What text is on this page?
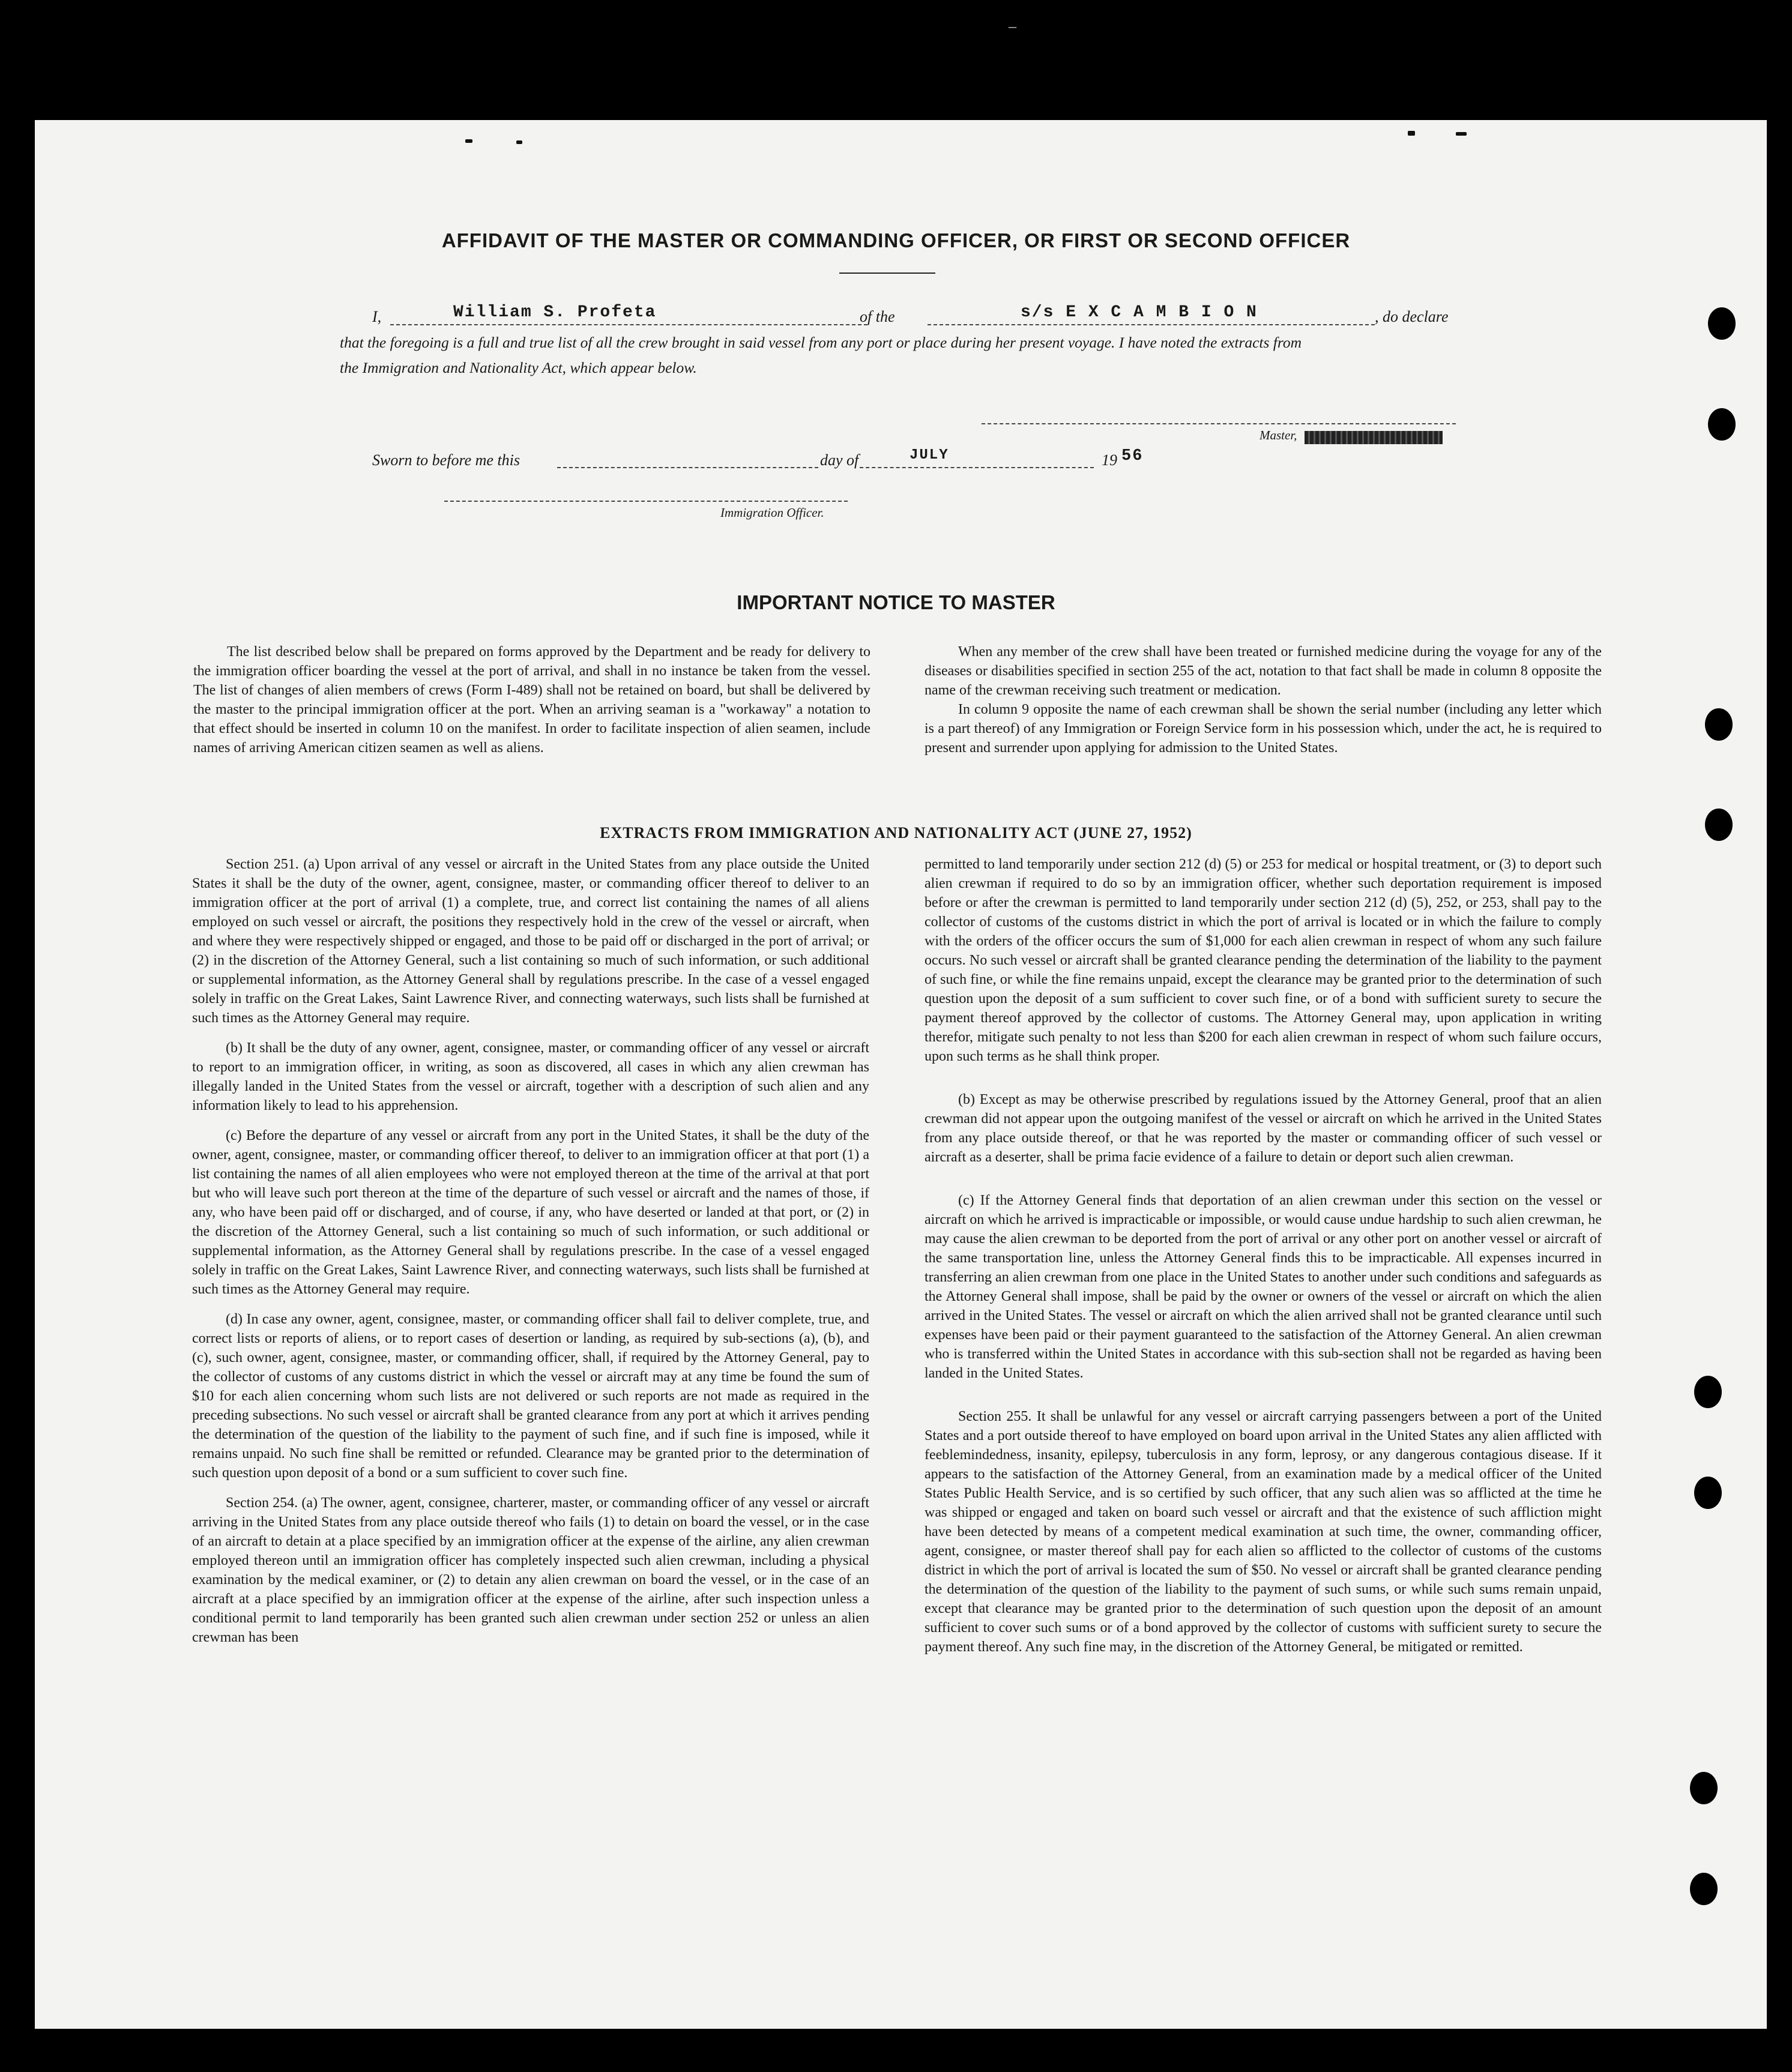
_
AFFIDAVIT OF THE MASTER OR COMMANDING OFFICER, OR FIRST OR SECOND OFFICER
I,	William S. Profeta	of the	s/s E X C A M B I O N	, do declare
that the foregoing is a full and true list of all the crew brought in said vessel from any port or place during her present voyage. I have noted the extracts from
the Immigration and Nationality Act, which appear below.
Master,
Sworn to before me this	day of	JULY	19 56
Immigration Officer.
IMPORTANT NOTICE TO MASTER

The list described below shall be prepared on forms approved by the Department and be ready for delivery to the immigration officer boarding the vessel at the port of arrival, and shall in no instance be taken from the vessel. The list of changes of alien members of crews (Form I-489) shall not be retained on board, but shall be delivered by the master to the principal immigration officer at the port. When an arriving seaman is a "workaway" a notation to that effect should be inserted in column 10 on the manifest. In order to facilitate inspection of alien seamen, include names of arriving American citizen seamen as well as aliens.

When any member of the crew shall have been treated or furnished medicine during the voyage for any of the diseases or disabilities specified in section 255 of the act, notation to that fact shall be made in column 8 opposite the name of the crewman receiving such treatment or medication.

In column 9 opposite the name of each crewman shall be shown the serial number (including any letter which is a part thereof) of any Immigration or Foreign Service form in his possession which, under the act, he is required to present and surrender upon applying for admission to the United States.

EXTRACTS FROM IMMIGRATION AND NATIONALITY ACT (JUNE 27, 1952)

Section 251. (a) Upon arrival of any vessel or aircraft in the United States from any place outside the United States it shall be the duty of the owner, agent, consignee, master, or commanding officer thereof to deliver to an immigration officer at the port of arrival (1) a complete, true, and correct list containing the names of all aliens employed on such vessel or aircraft, the positions they respectively hold in the crew of the vessel or aircraft, when and where they were respectively shipped or engaged, and those to be paid off or discharged in the port of arrival; or (2) in the discretion of the Attorney General, such a list containing so much of such information, or such additional or supplemental information, as the Attorney General shall by regulations prescribe. In the case of a vessel engaged solely in traffic on the Great Lakes, Saint Lawrence River, and connecting waterways, such lists shall be furnished at such times as the Attorney General may require.

(b) It shall be the duty of any owner, agent, consignee, master, or commanding officer of any vessel or aircraft to report to an immigration officer, in writing, as soon as discovered, all cases in which any alien crewman has illegally landed in the United States from the vessel or aircraft, together with a description of such alien and any information likely to lead to his apprehension.

(c) Before the departure of any vessel or aircraft from any port in the United States, it shall be the duty of the owner, agent, consignee, master, or commanding officer thereof, to deliver to an immigration officer at that port (1) a list containing the names of all alien employees who were not employed thereon at the time of the arrival at that port but who will leave such port thereon at the time of the departure of such vessel or aircraft and the names of those, if any, who have been paid off or discharged, and of course, if any, who have deserted or landed at that port, or (2) in the discretion of the Attorney General, such a list containing so much of such information, or such additional or supplemental information, as the Attorney General shall by regulations prescribe. In the case of a vessel engaged solely in traffic on the Great Lakes, Saint Lawrence River, and connecting waterways, such lists shall be furnished at such times as the Attorney General may require.

(d) In case any owner, agent, consignee, master, or commanding officer shall fail to deliver complete, true, and correct lists or reports of aliens, or to report cases of desertion or landing, as required by sub-sections (a), (b), and (c), such owner, agent, consignee, master, or commanding officer, shall, if required by the Attorney General, pay to the collector of customs of any customs district in which the vessel or aircraft may at any time be found the sum of $10 for each alien concerning whom such lists are not delivered or such reports are not made as required in the preceding subsections. No such vessel or aircraft shall be granted clearance from any port at which it arrives pending the determination of the question of the liability to the payment of such fine, and if such fine is imposed, while it remains unpaid. No such fine shall be remitted or refunded. Clearance may be granted prior to the determination of such question upon deposit of a bond or a sum sufficient to cover such fine.

Section 254. (a) The owner, agent, consignee, charterer, master, or commanding officer of any vessel or aircraft arriving in the United States from any place outside thereof who fails (1) to detain on board the vessel, or in the case of an aircraft to detain at a place specified by an immigration officer at the expense of the airline, any alien crewman employed thereon until an immigration officer has completely inspected such alien crewman, including a physical examination by the medical examiner, or (2) to detain any alien crewman on board the vessel, or in the case of an aircraft at a place specified by an immigration officer at the expense of the airline, after such inspection unless a conditional permit to land temporarily has been granted such alien crewman under section 252 or unless an alien crewman has been

permitted to land temporarily under section 212 (d) (5) or 253 for medical or hospital treatment, or (3) to deport such alien crewman if required to do so by an immigration officer, whether such deportation requirement is imposed before or after the crewman is permitted to land temporarily under section 212 (d) (5), 252, or 253, shall pay to the collector of customs of the customs district in which the port of arrival is located or in which the failure to comply with the orders of the officer occurs the sum of $1,000 for each alien crewman in respect of whom any such failure occurs. No such vessel or aircraft shall be granted clearance pending the determination of the liability to the payment of such fine, or while the fine remains unpaid, except the clearance may be granted prior to the determination of such question upon the deposit of a sum sufficient to cover such fine, or of a bond with sufficient surety to secure the payment thereof approved by the collector of customs. The Attorney General may, upon application in writing therefor, mitigate such penalty to not less than $200 for each alien crewman in respect of whom such failure occurs, upon such terms as he shall think proper.

(b) Except as may be otherwise prescribed by regulations issued by the Attorney General, proof that an alien crewman did not appear upon the outgoing manifest of the vessel or aircraft on which he arrived in the United States from any place outside thereof, or that he was reported by the master or commanding officer of such vessel or aircraft as a deserter, shall be prima facie evidence of a failure to detain or deport such alien crewman.

(c) If the Attorney General finds that deportation of an alien crewman under this section on the vessel or aircraft on which he arrived is impracticable or impossible, or would cause undue hardship to such alien crewman, he may cause the alien crewman to be deported from the port of arrival or any other port on another vessel or aircraft of the same transportation line, unless the Attorney General finds this to be impracticable. All expenses incurred in transferring an alien crewman from one place in the United States to another under such conditions and safeguards as the Attorney General shall impose, shall be paid by the owner or owners of the vessel or aircraft on which the alien arrived in the United States. The vessel or aircraft on which the alien arrived shall not be granted clearance until such expenses have been paid or their payment guaranteed to the satisfaction of the Attorney General. An alien crewman who is transferred within the United States in accordance with this sub-section shall not be regarded as having been landed in the United States.

Section 255. It shall be unlawful for any vessel or aircraft carrying passengers between a port of the United States and a port outside thereof to have employed on board upon arrival in the United States any alien afflicted with feeblemindedness, insanity, epilepsy, tuberculosis in any form, leprosy, or any dangerous contagious disease. If it appears to the satisfaction of the Attorney General, from an examination made by a medical officer of the United States Public Health Service, and is so certified by such officer, that any such alien was so afflicted at the time he was shipped or engaged and taken on board such vessel or aircraft and that the existence of such affliction might have been detected by means of a competent medical examination at such time, the owner, commanding officer, agent, consignee, or master thereof shall pay for each alien so afflicted to the collector of customs of the customs district in which the port of arrival is located the sum of $50. No vessel or aircraft shall be granted clearance pending the determination of the question of the liability to the payment of such sums, or while such sums remain unpaid, except that clearance may be granted prior to the determination of such question upon the deposit of an amount sufficient to cover such sums or of a bond approved by the collector of customs with sufficient surety to secure the payment thereof. Any such fine may, in the discretion of the Attorney General, be mitigated or remitted.
